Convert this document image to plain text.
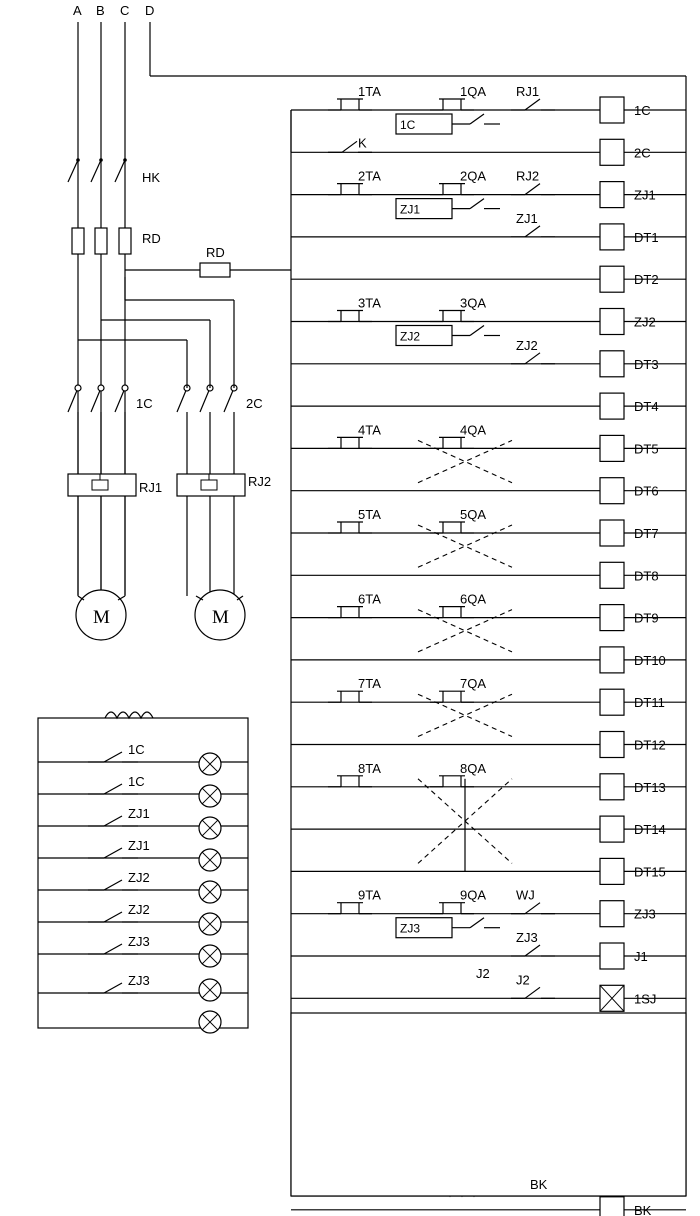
1C
1TA	1QA
1C
RJ1
2C
K
ZJ1
2TA	2QA
ZJ1
RJ2
DT1
ZJ1
DT2
ZJ2
3TA	3QA
ZJ2
DT3
ZJ2
DT4
DT5
4TA	4QA
DT6
DT7
5TA	5QA
DT8
DT9
6TA	6QA
DT10
DT11
7TA	7QA
DT12
DT13
8TA	8QA
DT14
DT15
ZJ3
9TA	9QA
ZJ3
WJ
J1
ZJ3
1SJ
J2
BK
1C
1C
ZJ1
ZJ1
ZJ2
ZJ2
ZJ3
ZJ3
BK
J2
A B C D
HK
RD
RD
1C	2C
RJ1	RJ2
M	M
